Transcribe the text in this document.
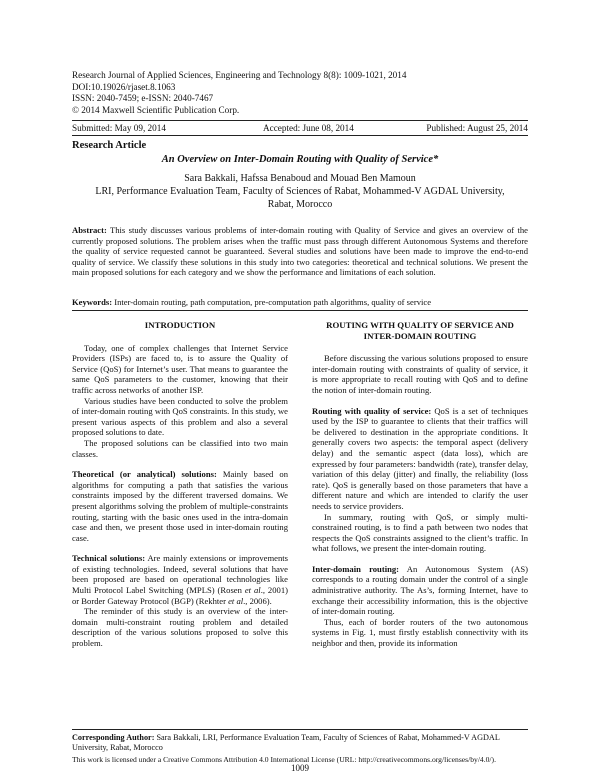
Research Journal of Applied Sciences, Engineering and Technology 8(8): 1009-1021, 2014
DOI:10.19026/rjaset.8.1063
ISSN: 2040-7459; e-ISSN: 2040-7467
© 2014 Maxwell Scientific Publication Corp.
Submitted: May 09, 2014	Accepted: June 08, 2014	Published: August 25, 2014
Research Article
An Overview on Inter-Domain Routing with Quality of Service*
Sara Bakkali, Hafssa Benaboud and Mouad Ben Mamoun
LRI, Performance Evaluation Team, Faculty of Sciences of Rabat, Mohammed-V AGDAL University,
Rabat, Morocco
Abstract: This study discusses various problems of inter-domain routing with Quality of Service and gives an overview of the currently proposed solutions. The problem arises when the traffic must pass through different Autonomous Systems and therefore the quality of service requested cannot be guaranteed. Several studies and solutions have been made to improve the end-to-end quality of service. We classify these solutions in this study into two categories: theoretical and technical solutions. We present the main proposed solutions for each category and we show the performance and limitations of each solution.
Keywords: Inter-domain routing, path computation, pre-computation path algorithms, quality of service
INTRODUCTION

Today, one of complex challenges that Internet Service Providers (ISPs) are faced to, is to assure the Quality of Service (QoS) for Internet’s user. That means to guarantee the same QoS parameters to the customer, knowing that their traffic across networks of another ISP.

Various studies have been conducted to solve the problem of inter-domain routing with QoS constraints. In this study, we present various aspects of this problem and also a several proposed solutions to date.

The proposed solutions can be classified into two main classes.

Theoretical (or analytical) solutions: Mainly based on algorithms for computing a path that satisfies the various constraints imposed by the different traversed domains. We present algorithms solving the problem of multiple-constraints routing, starting with the basic ones used in the intra-domain case and then, we present those used in inter-domain routing case.

Technical solutions: Are mainly extensions or improvements of existing technologies. Indeed, several solutions that have been proposed are based on operational technologies like Multi Protocol Label Switching (MPLS) (Rosen et al., 2001) or Border Gateway Protocol (BGP) (Rekhter et al., 2006).

The reminder of this study is an overview of the inter-domain multi-constraint routing problem and detailed description of the various solutions proposed to solve this problem.

ROUTING WITH QUALITY OF SERVICE AND INTER-DOMAIN ROUTING

Before discussing the various solutions proposed to ensure inter-domain routing with constraints of quality of service, it is more appropriate to recall routing with QoS and to define the notion of inter-domain routing.

Routing with quality of service: QoS is a set of techniques used by the ISP to guarantee to clients that their traffics will be delivered to destination in the appropriate conditions. It generally covers two aspects: the temporal aspect (delivery delay) and the semantic aspect (data loss), which are expressed by four parameters: bandwidth (rate), transfer delay, variation of this delay (jitter) and finally, the reliability (loss rate). QoS is generally based on those parameters that have a different nature and which are intended to clarify the user needs to service providers.

In summary, routing with QoS, or simply multi-constrained routing, is to find a path between two nodes that respects the QoS constraints assigned to the client’s traffic. In what follows, we present the inter-domain routing.

Inter-domain routing: An Autonomous System (AS) corresponds to a routing domain under the control of a single administrative authority. The As’s, forming Internet, have to exchange their accessibility information, this is the objective of inter-domain routing.

Thus, each of border routers of the two autonomous systems in Fig. 1, must firstly establish connectivity with its neighbor and then, provide its information

Corresponding Author: Sara Bakkali, LRI, Performance Evaluation Team, Faculty of Sciences of Rabat, Mohammed-V AGDAL University, Rabat, Morocco
This work is licensed under a Creative Commons Attribution 4.0 International License (URL: http://creativecommons.org/licenses/by/4.0/).
1009
